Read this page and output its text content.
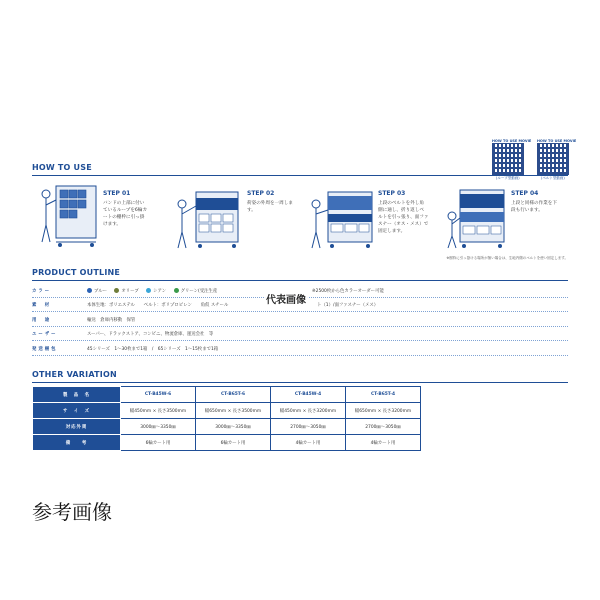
HOW TO USE MOVIE
(ループ型動画)
HOW TO USE MOVIE
(ベルト型動画)
HOW TO USE
STEP 01
バンドの上部に付い
ているループを6輪カ
ートの棚枠に引っ掛
けます。
STEP 02
荷姿の外周を一周しま
す。
STEP 03
上段のベルトを外し角
側に通し、折り返しベ
ルトを引っ張り、面ファ
スナー（オス・メス）で
固定します。
STEP 04
上段と同様の作業を下
段も行います。
※樹枠に引っ掛ける場所が無い場合は、生地内側のベルトを使い固定します。
PRODUCT OUTLINE
カラー	ブルー	オリーブ	シアン	グリーン(受注生産	※2500枚から色カラーオーダー可能
素　材	本体生地：ポリエステル　　ベルト：ポリプロピレン　　角仮 スチール	ト（1）/面ファスナー（メス）
用　途	輸送　倉庫内移動　保管
ユーザー	スーパー、ドラックストア、コンビニ、物流倉庫、運送会社　等
発送梱包	45シリーズ　1〜30枚まで1箱　/　65シリーズ　1〜15枚まで1箱
代表画像
OTHER VARIATION
製　品　名	CT-B45W-6	CT-B65T-6	CT-B45W-4	CT-B65T-4
サ　イ　ズ	幅450mm × 長さ3500mm	幅650mm × 長さ3500mm	幅450mm × 長さ3200mm	幅650mm × 長さ3200mm
対応外周	3000㎜〜3350㎜	3000㎜〜3350㎜	2700㎜〜3050㎜	2700㎜〜3050㎜
備　　考	6輪カート用	6輪カート用	4輪カート用	4輪カート用
参考画像
